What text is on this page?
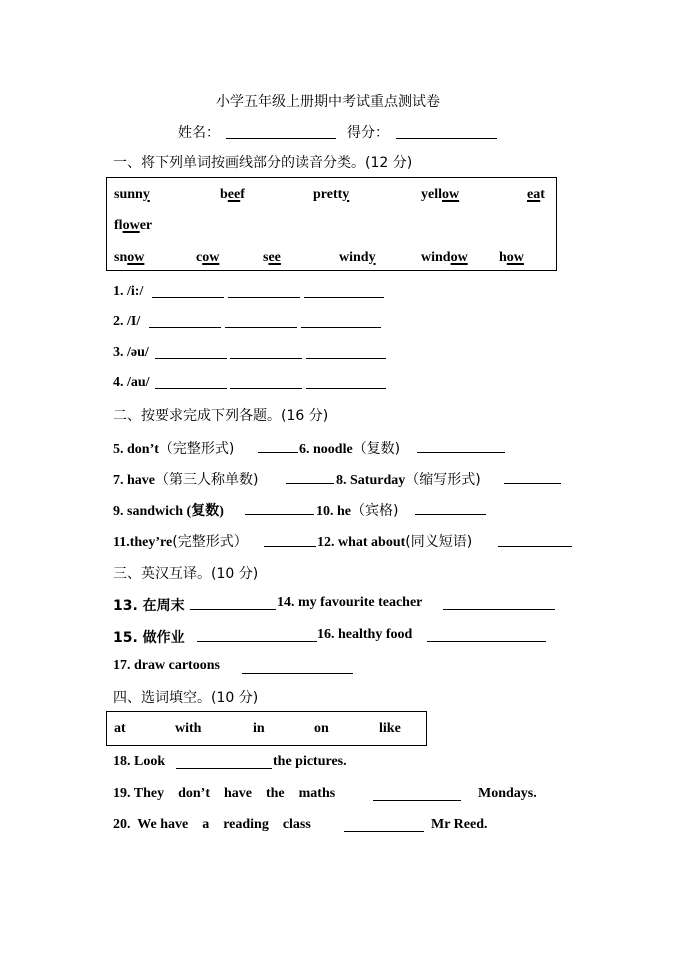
小学五年级上册期中考试重点测试卷
姓名：	得分：
一、将下列单词按画线部分的读音分类。(12 分)
sunny	beef	pretty	yellow	eat
flower
snow	cow	see	windy	window how
1. /i:/
2. /I/
3. /əu/
4. /au/
二、按要求完成下列各题。(16 分)
5. don’t（完整形式)	6. noodle（复数)
7. have（第三人称单数)	8. Saturday（缩写形式)
9. sandwich (复数)	10. he（宾格)
11.they’re(完整形式）	12. what about(同义短语)
三、英汉互译。(10 分)
13. 在周末	14. my favourite teacher
15. 做作业	16. healthy food
17. draw cartoons
四、选词填空。(10 分)
at	with	in	on	like
18. Look	the pictures.
19. They    don’t    have    the    maths	Mondays.
20.  We have    a    reading    class	Mr Reed.
